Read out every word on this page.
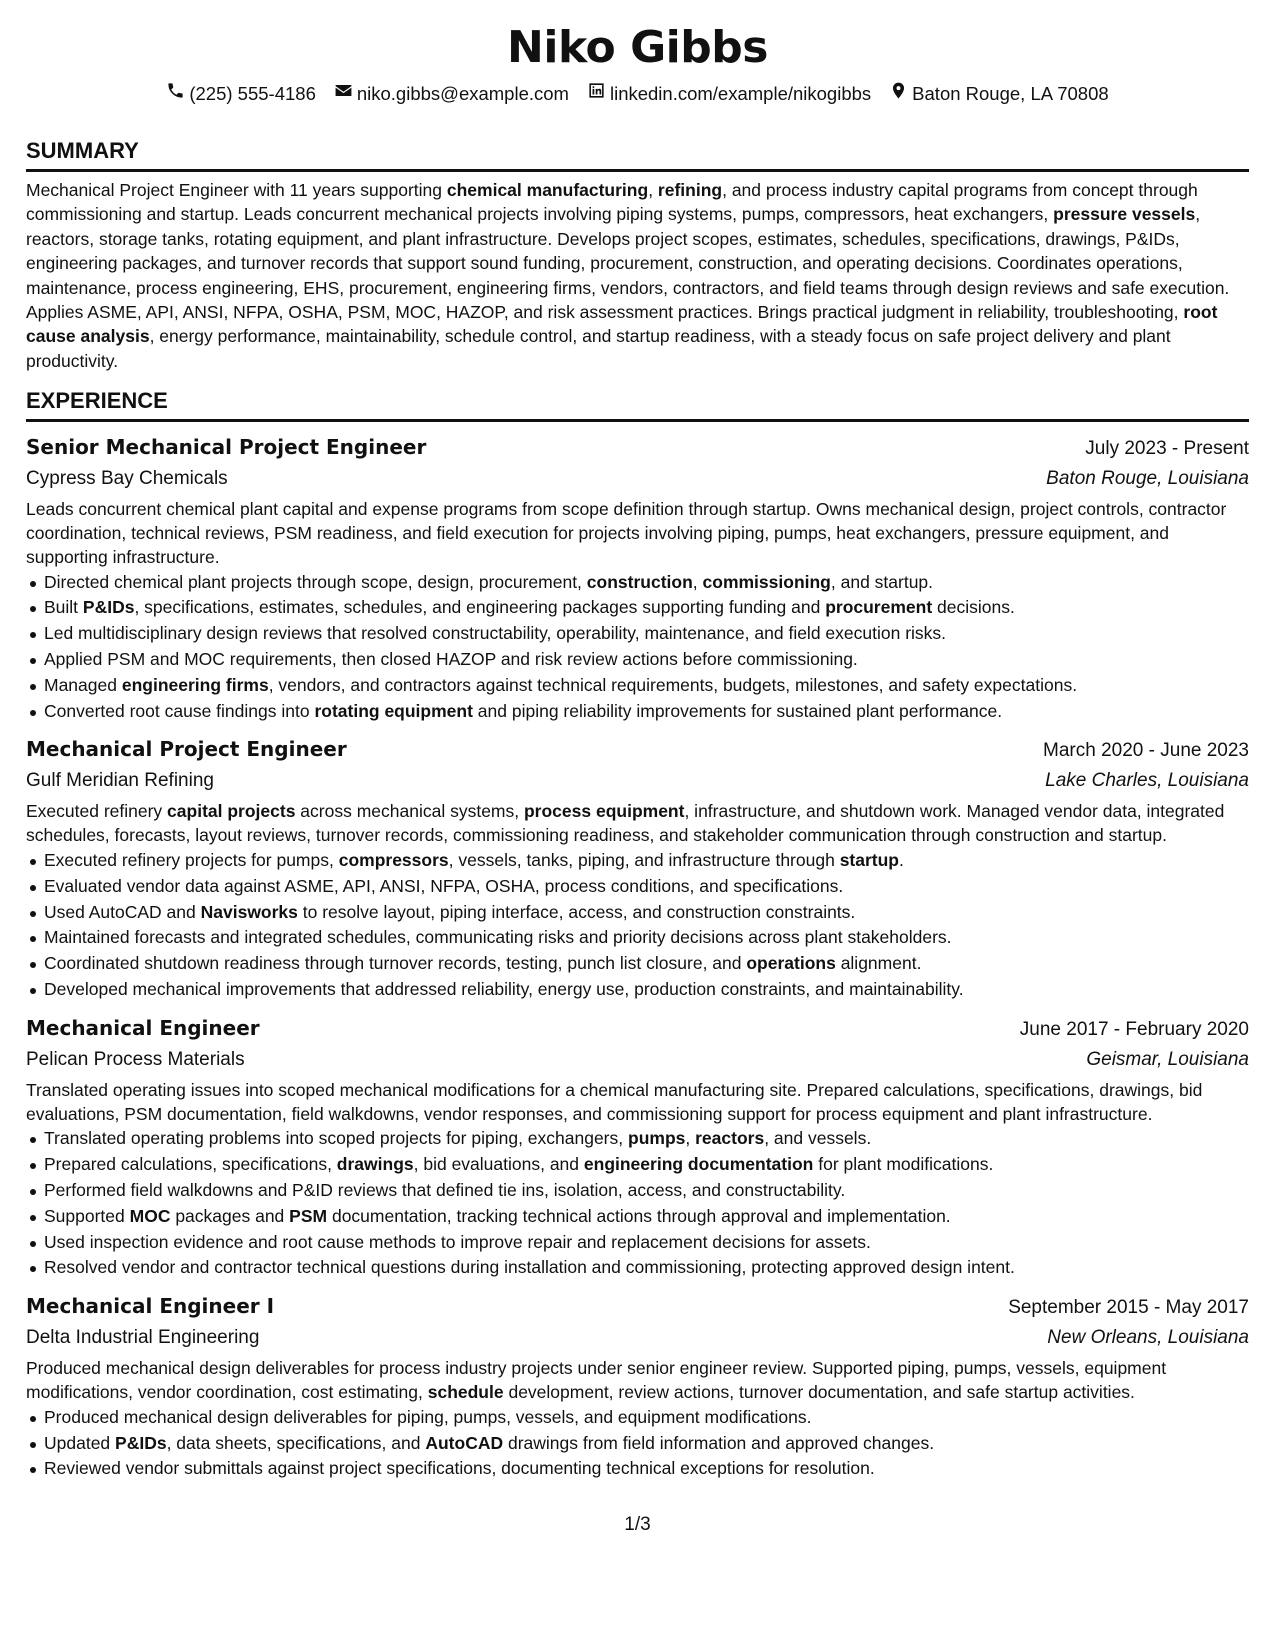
Niko Gibbs
(225) 555-4186 niko.gibbs@example.com linkedin.com/example/nikogibbs Baton Rouge, LA 70808
SUMMARY
Mechanical Project Engineer with 11 years supporting chemical manufacturing, refining, and process industry capital programs from concept through commissioning and startup. Leads concurrent mechanical projects involving piping systems, pumps, compressors, heat exchangers, pressure vessels, reactors, storage tanks, rotating equipment, and plant infrastructure. Develops project scopes, estimates, schedules, specifications, drawings, P&IDs, engineering packages, and turnover records that support sound funding, procurement, construction, and operating decisions. Coordinates operations, maintenance, process engineering, EHS, procurement, engineering firms, vendors, contractors, and field teams through design reviews and safe execution. Applies ASME, API, ANSI, NFPA, OSHA, PSM, MOC, HAZOP, and risk assessment practices. Brings practical judgment in reliability, troubleshooting, root cause analysis, energy performance, maintainability, schedule control, and startup readiness, with a steady focus on safe project delivery and plant productivity.
EXPERIENCE
Senior Mechanical Project Engineer	July 2023 - Present
Cypress Bay Chemicals	Baton Rouge, Louisiana
Leads concurrent chemical plant capital and expense programs from scope definition through startup. Owns mechanical design, project controls, contractor coordination, technical reviews, PSM readiness, and field execution for projects involving piping, pumps, heat exchangers, pressure equipment, and supporting infrastructure.
Directed chemical plant projects through scope, design, procurement, construction, commissioning, and startup.
Built P&IDs, specifications, estimates, schedules, and engineering packages supporting funding and procurement decisions.
Led multidisciplinary design reviews that resolved constructability, operability, maintenance, and field execution risks.
Applied PSM and MOC requirements, then closed HAZOP and risk review actions before commissioning.
Managed engineering firms, vendors, and contractors against technical requirements, budgets, milestones, and safety expectations.
Converted root cause findings into rotating equipment and piping reliability improvements for sustained plant performance.
Mechanical Project Engineer	March 2020 - June 2023
Gulf Meridian Refining	Lake Charles, Louisiana
Executed refinery capital projects across mechanical systems, process equipment, infrastructure, and shutdown work. Managed vendor data, integrated schedules, forecasts, layout reviews, turnover records, commissioning readiness, and stakeholder communication through construction and startup.
Executed refinery projects for pumps, compressors, vessels, tanks, piping, and infrastructure through startup.
Evaluated vendor data against ASME, API, ANSI, NFPA, OSHA, process conditions, and specifications.
Used AutoCAD and Navisworks to resolve layout, piping interface, access, and construction constraints.
Maintained forecasts and integrated schedules, communicating risks and priority decisions across plant stakeholders.
Coordinated shutdown readiness through turnover records, testing, punch list closure, and operations alignment.
Developed mechanical improvements that addressed reliability, energy use, production constraints, and maintainability.
Mechanical Engineer	June 2017 - February 2020
Pelican Process Materials	Geismar, Louisiana
Translated operating issues into scoped mechanical modifications for a chemical manufacturing site. Prepared calculations, specifications, drawings, bid evaluations, PSM documentation, field walkdowns, vendor responses, and commissioning support for process equipment and plant infrastructure.
Translated operating problems into scoped projects for piping, exchangers, pumps, reactors, and vessels.
Prepared calculations, specifications, drawings, bid evaluations, and engineering documentation for plant modifications.
Performed field walkdowns and P&ID reviews that defined tie ins, isolation, access, and constructability.
Supported MOC packages and PSM documentation, tracking technical actions through approval and implementation.
Used inspection evidence and root cause methods to improve repair and replacement decisions for assets.
Resolved vendor and contractor technical questions during installation and commissioning, protecting approved design intent.
Mechanical Engineer I	September 2015 - May 2017
Delta Industrial Engineering	New Orleans, Louisiana
Produced mechanical design deliverables for process industry projects under senior engineer review. Supported piping, pumps, vessels, equipment modifications, vendor coordination, cost estimating, schedule development, review actions, turnover documentation, and safe startup activities.
Produced mechanical design deliverables for piping, pumps, vessels, and equipment modifications.
Updated P&IDs, data sheets, specifications, and AutoCAD drawings from field information and approved changes.
Reviewed vendor submittals against project specifications, documenting technical exceptions for resolution.
1/3
